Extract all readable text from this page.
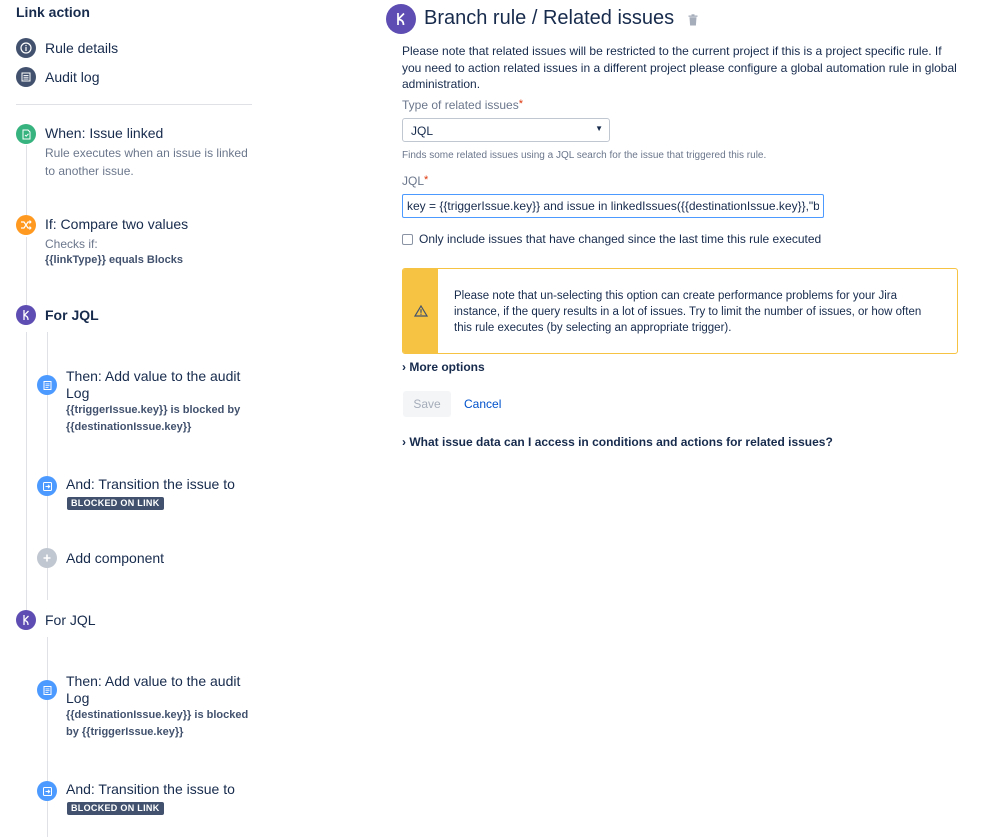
Link action
Rule details
Audit log
When: Issue linked
Rule executes when an issue is linked to another issue.
If: Compare two values
Checks if:
{{linkType}} equals Blocks
For JQL
Then: Add value to the audit Log
{{triggerIssue.key}} is blocked by {{destinationIssue.key}}
And: Transition the issue to
BLOCKED ON LINK
Add component
For JQL
Then: Add value to the audit Log
{{destinationIssue.key}} is blocked by {{triggerIssue.key}}
And: Transition the issue to
BLOCKED ON LINK
Branch rule / Related issues
Please note that related issues will be restricted to the current project if this is a project specific rule. If you need to action related issues in a different project please configure a global automation rule in global administration.
Type of related issues*
JQL	▼
Finds some related issues using a JQL search for the issue that triggered this rule.
JQL*
key = {{triggerIssue.key}} and issue in linkedIssues({{destinationIssue.key}},"blocks")
Only include issues that have changed since the last time this rule executed
Please note that un-selecting this option can create performance problems for your Jira instance, if the query results in a lot of issues. Try to limit the number of issues, or how often this rule executes (by selecting an appropriate trigger).
› More options
Save	Cancel
› What issue data can I access in conditions and actions for related issues?
